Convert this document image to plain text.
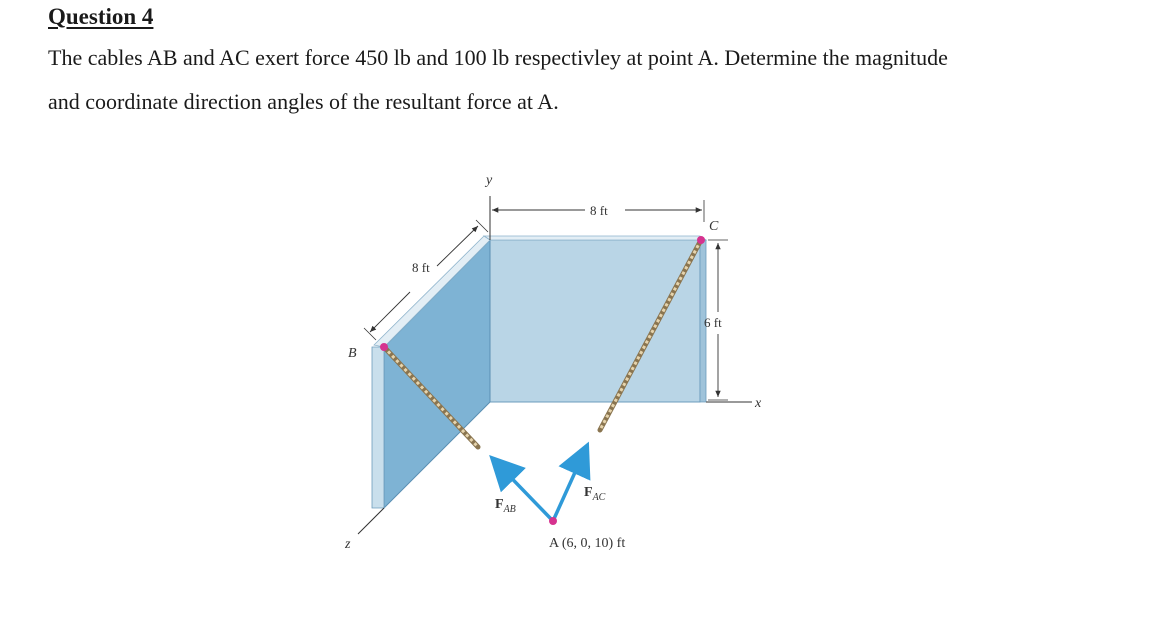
Question 4
The cables AB and AC exert force 450 lb and 100 lb respectivley at point A. Determine the magnitude
and coordinate direction angles of the resultant force at A.
y
x
z
8 ft
8 ft
6 ft
B
C
A (6, 0, 10) ft
$F_{AB}$
$F_{AC}$
